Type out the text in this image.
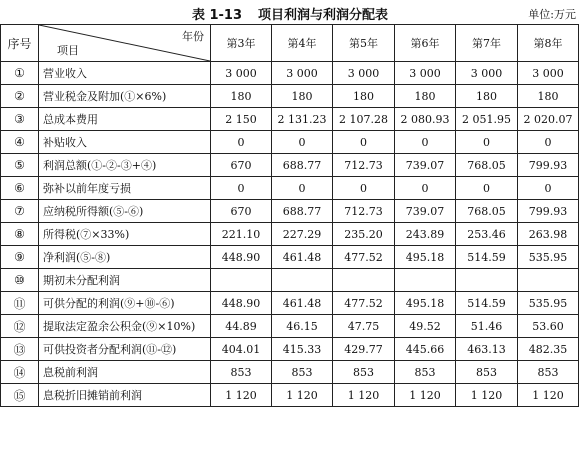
表 1-13 项目利润与利润分配表	单位:万元
序号	年份
项目	第3年	第4年	第5年	第6年	第7年	第8年
①	营业收入	3 000	3 000	3 000	3 000	3 000	3 000
②	营业税金及附加(①×6%)	180	180	180	180	180	180
③	总成本费用	2 150	2 131.23	2 107.28	2 080.93	2 051.95	2 020.07
④	补贴收入	0	0	0	0	0	0
⑤	利润总额(①-②-③+④)	670	688.77	712.73	739.07	768.05	799.93
⑥	弥补以前年度亏损	0	0	0	0	0	0
⑦	应纳税所得额(⑤-⑥)	670	688.77	712.73	739.07	768.05	799.93
⑧	所得税(⑦×33%)	221.10	227.29	235.20	243.89	253.46	263.98
⑨	净利润(⑤-⑧)	448.90	461.48	477.52	495.18	514.59	535.95
⑩	期初未分配利润						
⑪	可供分配的利润(⑨+⑩-⑥)	448.90	461.48	477.52	495.18	514.59	535.95
⑫	提取法定盈余公积金(⑨×10%)	44.89	46.15	47.75	49.52	51.46	53.60
⑬	可供投资者分配利润(⑪-⑫)	404.01	415.33	429.77	445.66	463.13	482.35
⑭	息税前利润	853	853	853	853	853	853
⑮	息税折旧摊销前利润	1 120	1 120	1 120	1 120	1 120	1 120
